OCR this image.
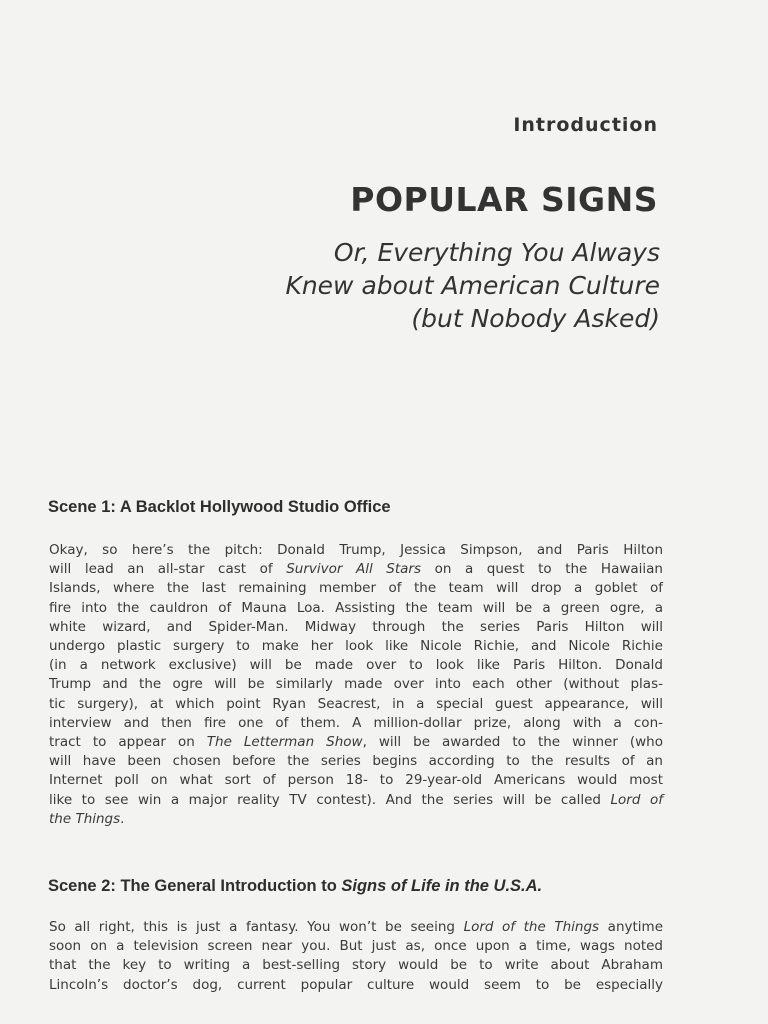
Introduction
POPULAR SIGNS
Or, Everything You Always
Knew about American Culture
(but Nobody Asked)
Scene 1: A Backlot Hollywood Studio Office
Okay, so here’s the pitch: Donald Trump, Jessica Simpson, and Paris Hilton
will lead an all-star cast of Survivor All Stars on a quest to the Hawaiian
Islands, where the last remaining member of the team will drop a goblet of
fire into the cauldron of Mauna Loa. Assisting the team will be a green ogre, a
white wizard, and Spider-Man. Midway through the series Paris Hilton will
undergo plastic surgery to make her look like Nicole Richie, and Nicole Richie
(in a network exclusive) will be made over to look like Paris Hilton. Donald
Trump and the ogre will be similarly made over into each other (without plas-
tic surgery), at which point Ryan Seacrest, in a special guest appearance, will
interview and then fire one of them. A million-dollar prize, along with a con-
tract to appear on The Letterman Show, will be awarded to the winner (who
will have been chosen before the series begins according to the results of an
Internet poll on what sort of person 18- to 29-year-old Americans would most
like to see win a major reality TV contest). And the series will be called Lord of
the Things.
Scene 2: The General Introduction to Signs of Life in the U.S.A.
So all right, this is just a fantasy. You won’t be seeing Lord of the Things anytime
soon on a television screen near you. But just as, once upon a time, wags noted
that the key to writing a best-selling story would be to write about Abraham
Lincoln’s doctor’s dog, current popular culture would seem to be especially
